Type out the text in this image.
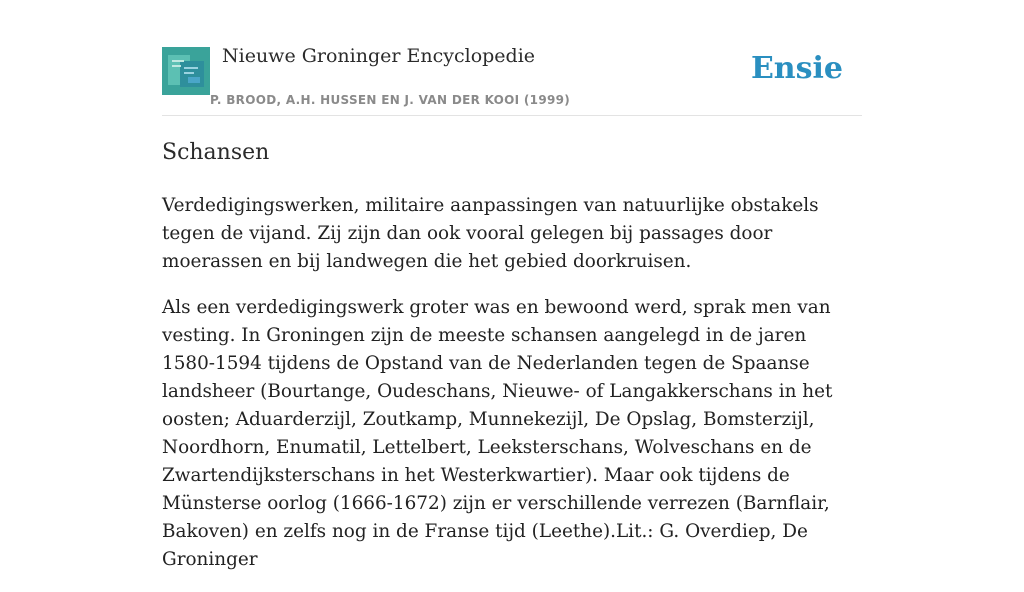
Nieuwe Groninger Encyclopedie
P. BROOD, A.H. HUSSEN EN J. VAN DER KOOI (1999)
Ensie
Schansen

Verdedigingswerken, militaire aanpassingen van natuurlijke obstakels tegen de vijand. Zij zijn dan ook vooral gelegen bij passages door moerassen en bij landwegen die het gebied doorkruisen.

Als een verdedigingswerk groter was en bewoond werd, sprak men van vesting. In Groningen zijn de meeste schansen aangelegd in de jaren 1580-1594 tijdens de Opstand van de Nederlanden tegen de Spaanse landsheer (Bourtange, Oudeschans, Nieuwe- of Langakkerschans in het oosten; Aduarderzijl, Zoutkamp, Munnekezijl, De Opslag, Bomsterzijl, Noordhorn, Enumatil, Lettelbert, Leeksterschans, Wolveschans en de Zwartendijksterschans in het Westerkwartier). Maar ook tijdens de Münsterse oorlog (1666-1672) zijn er verschillende verrezen (Barnflair, Bakoven) en zelfs nog in de Franse tijd (Leethe).Lit.: G. Overdiep, De Groninger
